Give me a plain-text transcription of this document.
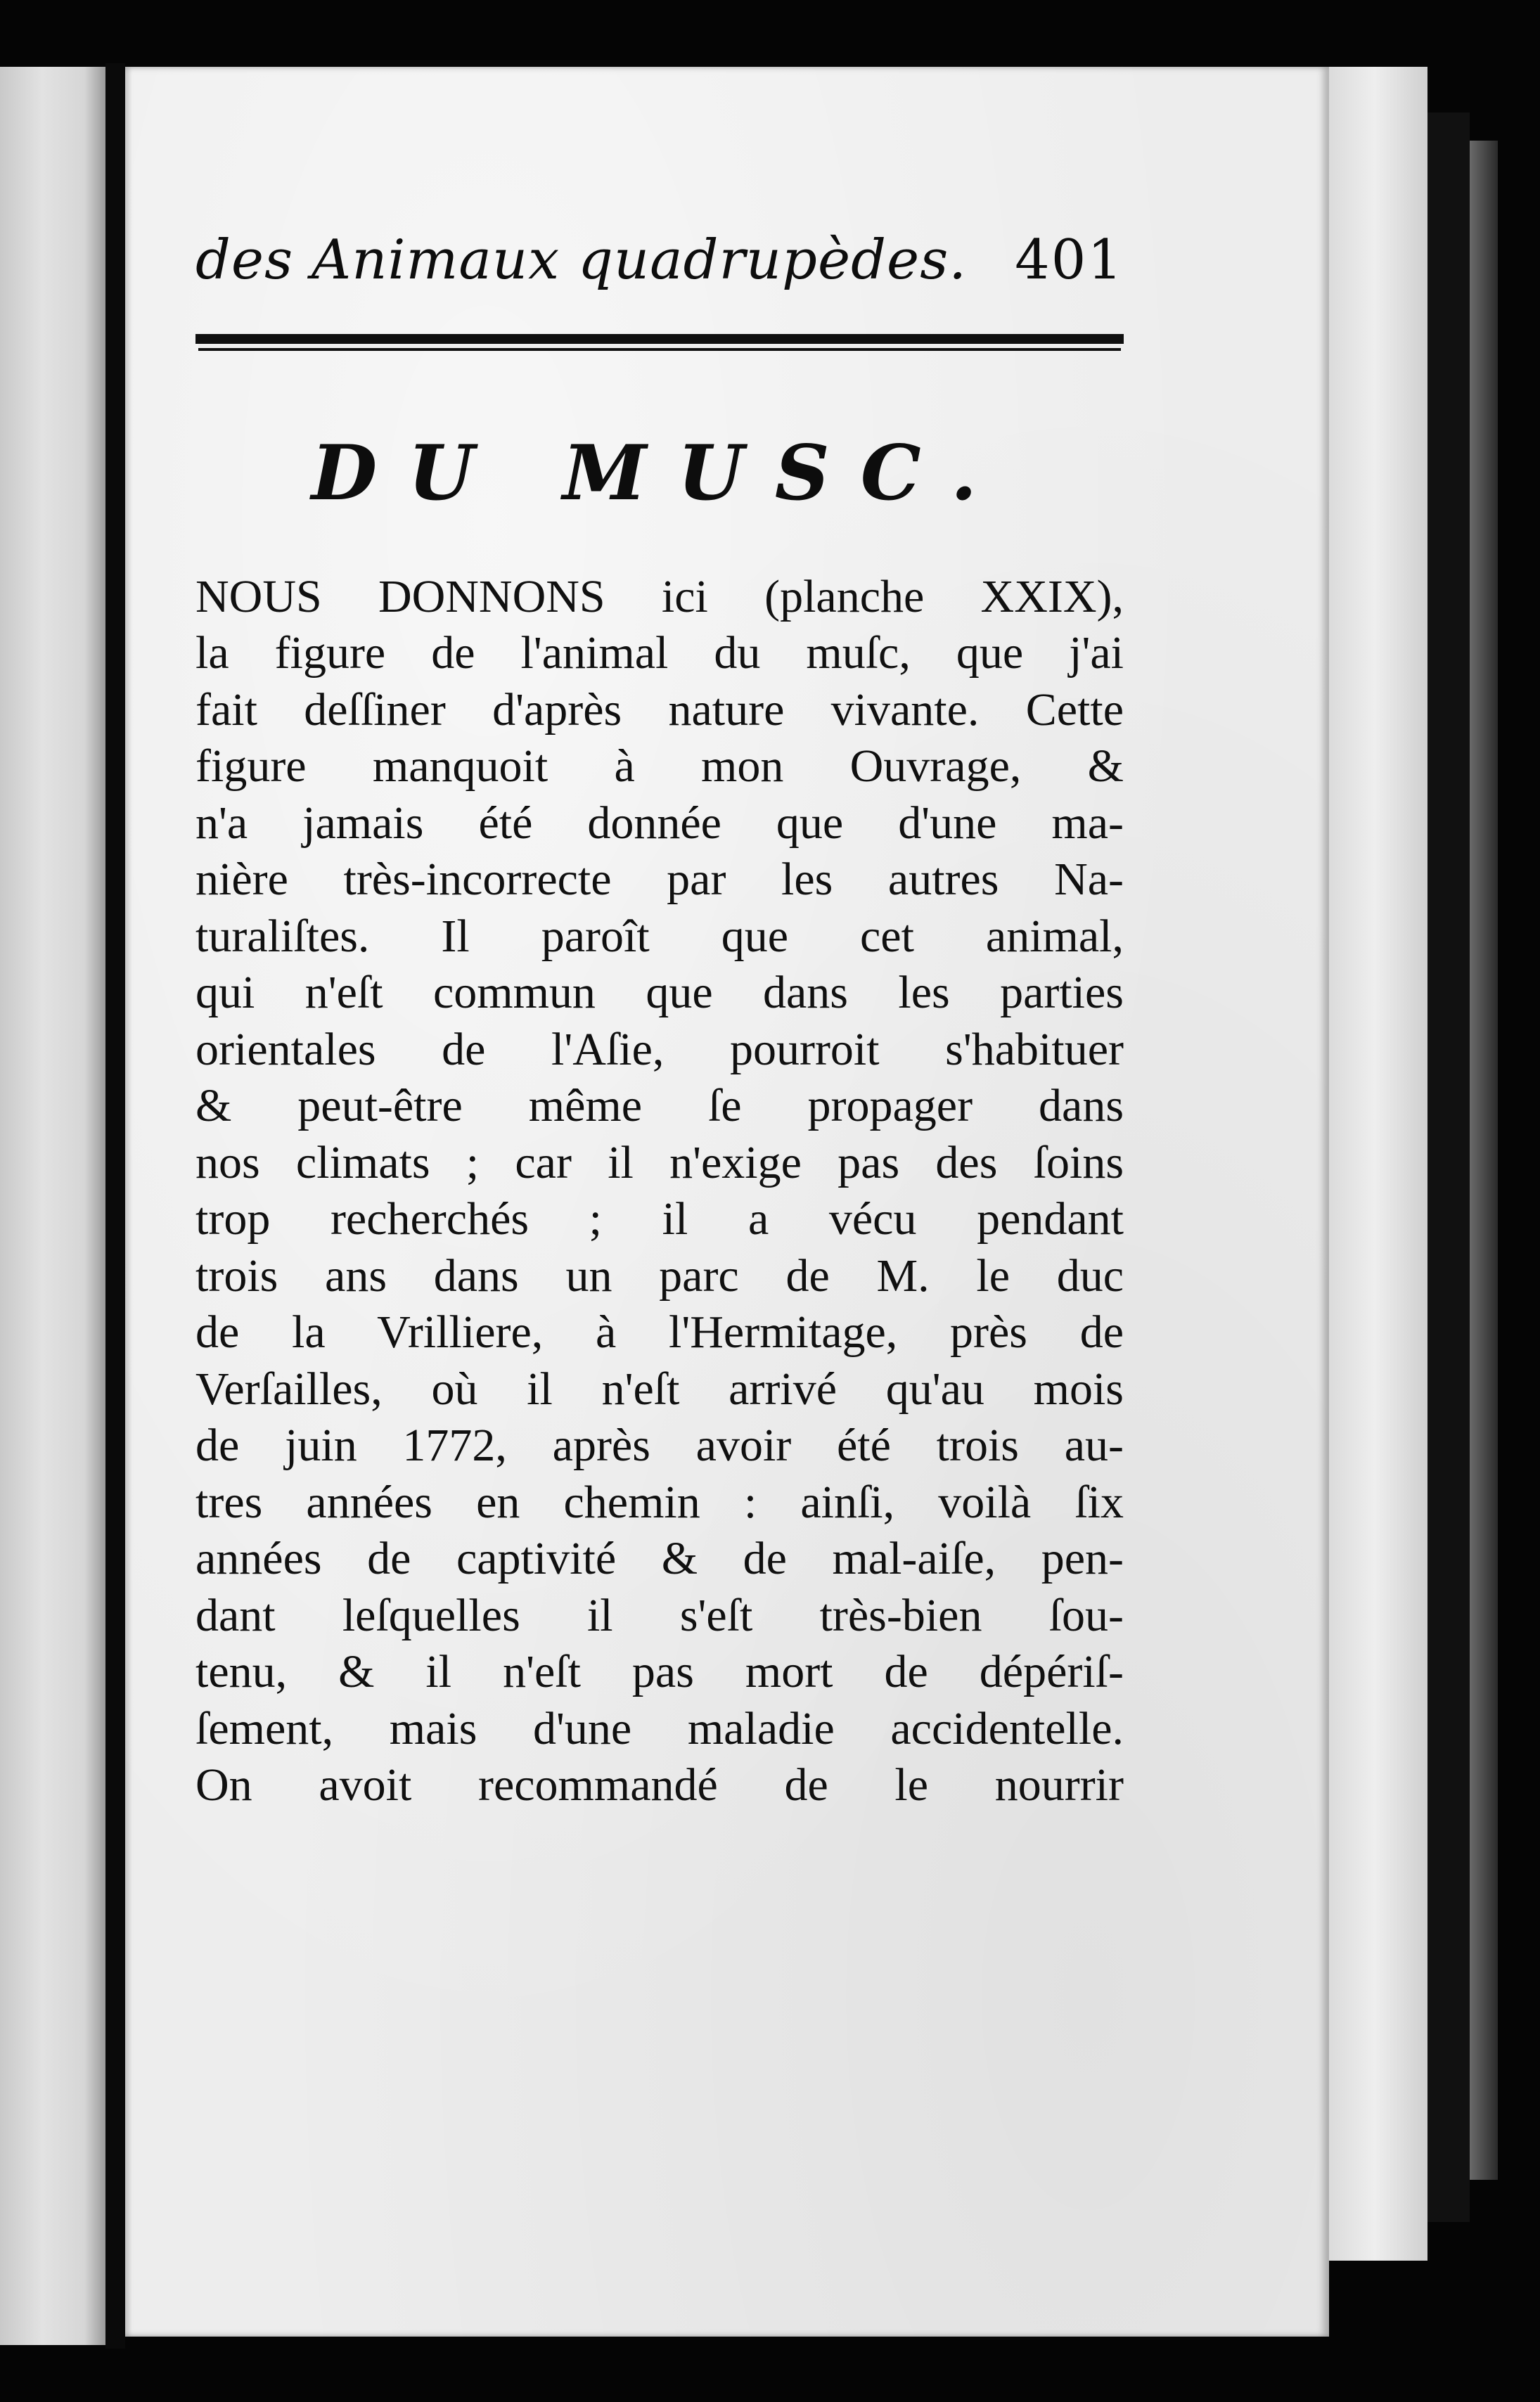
des Animaux quadrupèdes. 401
DU MUSC.
NOUS DONNONS ici (planche XXIX),
la figure de l'animal du muſc, que j'ai
fait deſſiner d'après nature vivante. Cette
figure manquoit à mon Ouvrage, &
n'a jamais été donnée que d'une ma-
nière très-incorrecte par les autres Na-
turaliſtes. Il paroît que cet animal,
qui n'eſt commun que dans les parties
orientales de l'Aſie, pourroit s'habituer
& peut-être même ſe propager dans
nos climats ; car il n'exige pas des ſoins
trop recherchés ; il a vécu pendant
trois ans dans un parc de M. le duc
de la Vrilliere, à l'Hermitage, près de
Verſailles, où il n'eſt arrivé qu'au mois
de juin 1772, après avoir été trois au-
tres années en chemin : ainſi, voilà ſix
années de captivité & de mal-aiſe, pen-
dant leſquelles il s'eſt très-bien ſou-
tenu, & il n'eſt pas mort de dépériſ-
ſement, mais d'une maladie accidentelle.
On avoit recommandé de le nourrir
